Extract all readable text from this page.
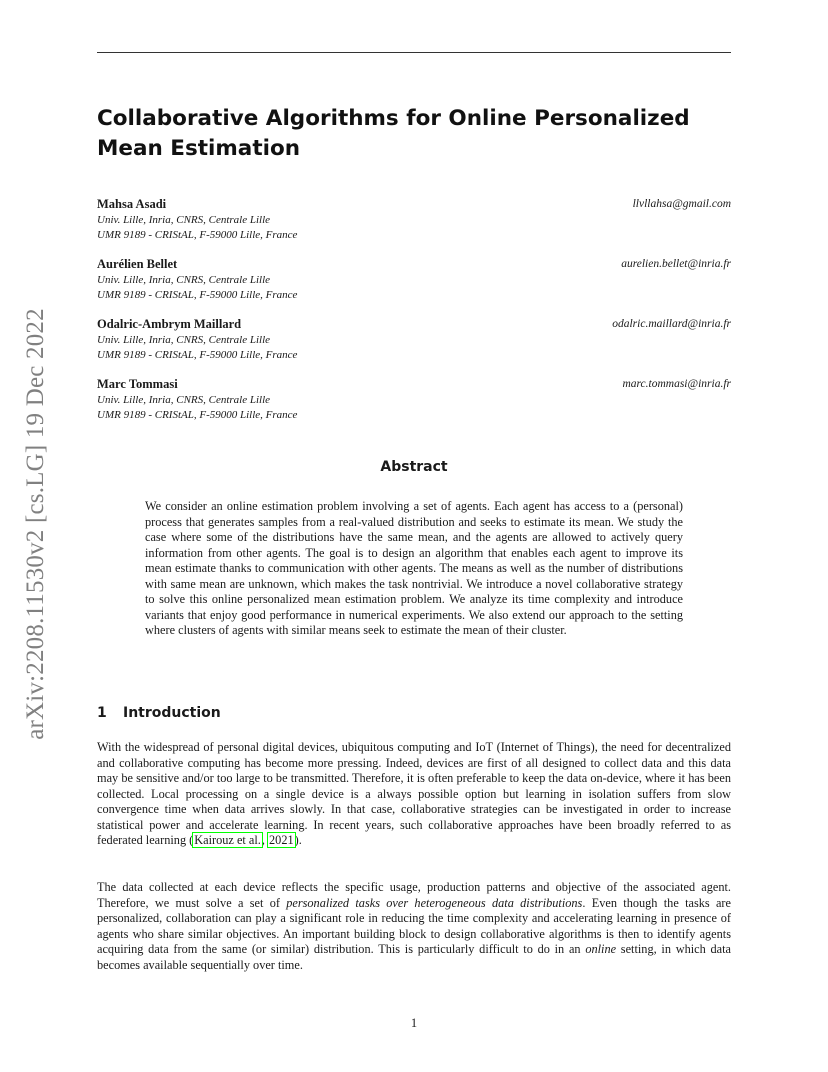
arXiv:2208.11530v2 [cs.LG] 19 Dec 2022
Collaborative Algorithms for Online Personalized
Mean Estimation
Mahsa Asadi	llvllahsa@gmail.com
Univ. Lille, Inria, CNRS, Centrale Lille
UMR 9189 - CRIStAL, F-59000 Lille, France
Aurélien Bellet	aurelien.bellet@inria.fr
Univ. Lille, Inria, CNRS, Centrale Lille
UMR 9189 - CRIStAL, F-59000 Lille, France
Odalric-Ambrym Maillard	odalric.maillard@inria.fr
Univ. Lille, Inria, CNRS, Centrale Lille
UMR 9189 - CRIStAL, F-59000 Lille, France
Marc Tommasi	marc.tommasi@inria.fr
Univ. Lille, Inria, CNRS, Centrale Lille
UMR 9189 - CRIStAL, F-59000 Lille, France
Abstract

We consider an online estimation problem involving a set of agents. Each agent has access to a (personal) process that generates samples from a real-valued distribution and seeks to estimate its mean. We study the case where some of the distributions have the same mean, and the agents are allowed to actively query information from other agents. The goal is to design an algorithm that enables each agent to improve its mean estimate thanks to communication with other agents. The means as well as the number of distributions with same mean are unknown, which makes the task nontrivial. We introduce a novel collaborative strategy to solve this online personalized mean estimation problem. We analyze its time complexity and introduce variants that enjoy good performance in numerical experiments. We also extend our approach to the setting where clusters of agents with similar means seek to estimate the mean of their cluster.

1 Introduction

With the widespread of personal digital devices, ubiquitous computing and IoT (Internet of Things), the need for decentralized and collaborative computing has become more pressing. Indeed, devices are first of all designed to collect data and this data may be sensitive and/or too large to be transmitted. Therefore, it is often preferable to keep the data on-device, where it has been collected. Local processing on a single device is a always possible option but learning in isolation suffers from slow convergence time when data arrives slowly. In that case, collaborative strategies can be investigated in order to increase statistical power and accelerate learning. In recent years, such collaborative approaches have been broadly referred to as federated learning (Kairouz et al., 2021).

The data collected at each device reflects the specific usage, production patterns and objective of the associated agent. Therefore, we must solve a set of personalized tasks over heterogeneous data distributions. Even though the tasks are personalized, collaboration can play a significant role in reducing the time complexity and accelerating learning in presence of agents who share similar objectives. An important building block to design collaborative algorithms is then to identify agents acquiring data from the same (or similar) distribution. This is particularly difficult to do in an online setting, in which data becomes available sequentially over time.

1
